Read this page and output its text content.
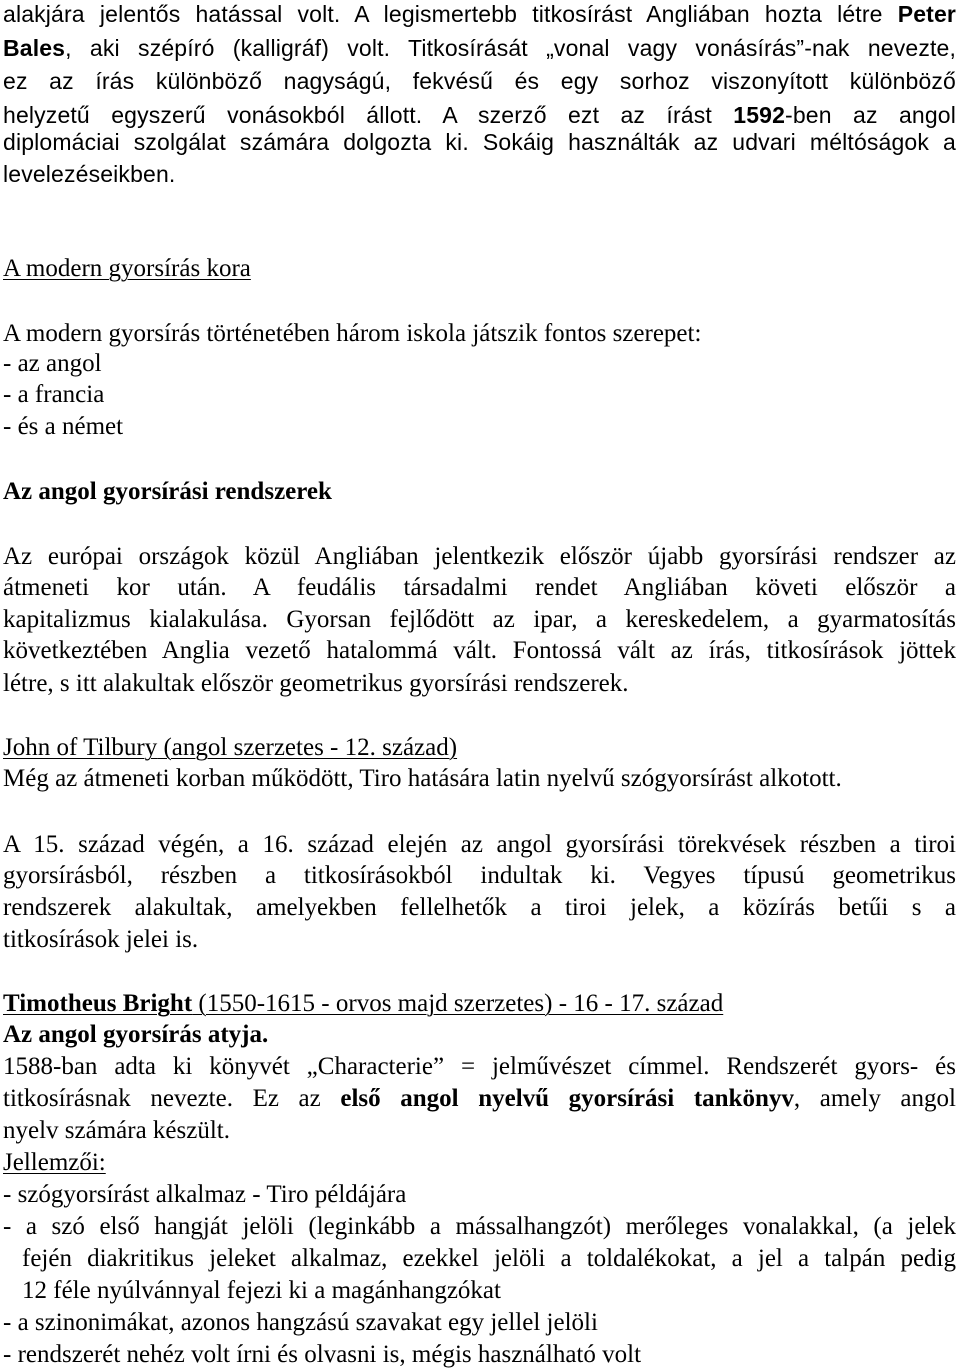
alakjára jelentős hatással volt. A legismertebb titkosírást Angliában hozta létre Peter
Bales, aki szépíró (kalligráf) volt. Titkosírását „vonal vagy vonásírás”-nak nevezte,
ez az írás különböző nagyságú, fekvésű és egy sorhoz viszonyított különböző
helyzetű egyszerű vonásokból állott. A szerző ezt az írást 1592-ben az angol
diplomáciai szolgálat számára dolgozta ki. Sokáig használták az udvari méltóságok a
levelezéseikben.
A modern gyorsírás kora
A modern gyorsírás történetében három iskola játszik fontos szerepet:
- az angol
- a francia
- és a német
Az angol gyorsírási rendszerek
Az európai országok közül Angliában jelentkezik először újabb gyorsírási rendszer az
átmeneti kor után. A feudális társadalmi rendet Angliában követi először a
kapitalizmus kialakulása. Gyorsan fejlődött az ipar, a kereskedelem, a gyarmatosítás
következtében Anglia vezető hatalommá vált. Fontossá vált az írás, titkosírások jöttek
létre, s itt alakultak először geometrikus gyorsírási rendszerek.
John of Tilbury (angol szerzetes - 12. század)
Még az átmeneti korban működött, Tiro hatására latin nyelvű szógyorsírást alkotott.
A 15. század végén, a 16. század elején az angol gyorsírási törekvések részben a tiroi
gyorsírásból, részben a titkosírásokból indultak ki. Vegyes típusú geometrikus
rendszerek alakultak, amelyekben fellelhetők a tiroi jelek, a közírás betűi s a
titkosírások jelei is.
Timotheus Bright (1550-1615 - orvos majd szerzetes) - 16 - 17. század
Az angol gyorsírás atyja.
1588-ban adta ki könyvét „Characterie” = jelművészet címmel. Rendszerét gyors- és
titkosírásnak nevezte. Ez az első angol nyelvű gyorsírási tankönyv, amely angol
nyelv számára készült.
Jellemzői:
- szógyorsírást alkalmaz - Tiro példájára
- a szó első hangját jelöli (leginkább a mássalhangzót) merőleges vonalakkal, (a jelek
fején diakritikus jeleket alkalmaz, ezekkel jelöli a toldalékokat, a jel a talpán pedig
12 féle nyúlvánnyal fejezi ki a magánhangzókat
- a szinonimákat, azonos hangzású szavakat egy jellel jelöli
- rendszerét nehéz volt írni és olvasni is, mégis használható volt
